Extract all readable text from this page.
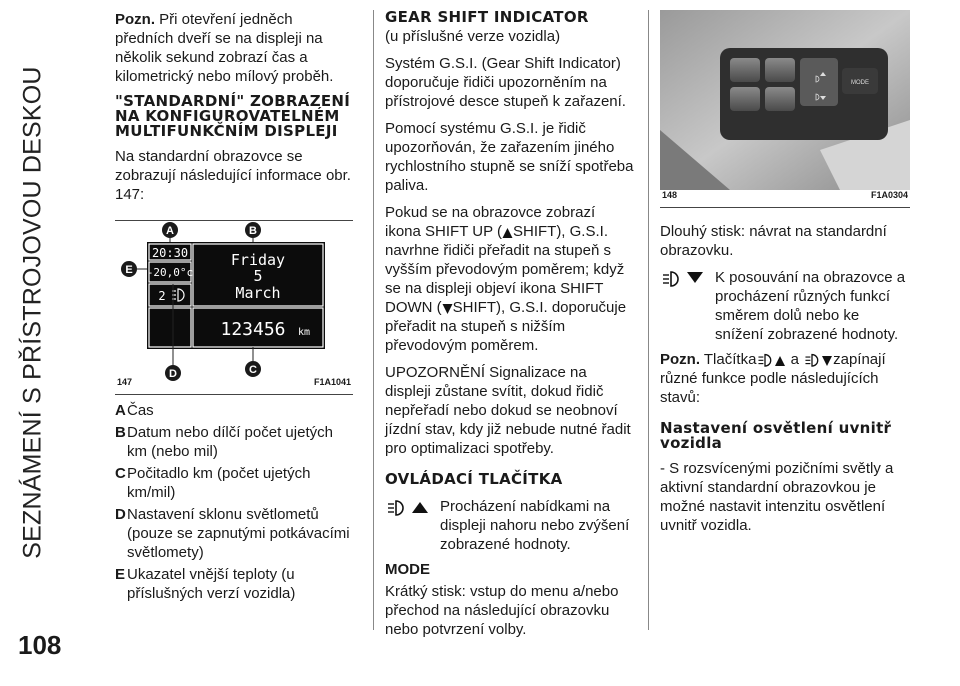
SEZNÁMENÍ S PŘÍSTROJOVOU DESKOU
108

Pozn. Při otevření jedněch předních dveří se na displeji na několik sekund zobrazí čas a kilometrický nebo mílový proběh.

"STANDARDNÍ" ZOBRAZENÍ NA KONFIGUROVATELNÉM MULTIFUNKČNÍM DISPLEJI

Na standardní obrazovce se zobrazují následující informace obr. 147:

20:30
-20,0°c
2
Friday
5
March
123456 km
A	B
C
D
E
147	F1A1041
A Čas
B Datum nebo dílčí počet ujetých km (nebo mil)
C Počitadlo km (počet ujetých km/mil)
D Nastavení sklonu světlometů (pouze se zapnutými potkávacími světlomety)
E Ukazatel vnější teploty (u příslušných verzí vozidla)
GEAR SHIFT INDICATOR

(u příslušné verze vozidla)

Systém G.S.I. (Gear Shift Indicator) doporučuje řidiči upozorněním na přístrojové desce stupeň k zařazení.

Pomocí systému G.S.I. je řidič upozorňován, že zařazením jiného rychlostního stupně se sníží spotřeba paliva.

Pokud se na obrazovce zobrazí ikona SHIFT UP ( SHIFT), G.S.I. navrhne řidiči přeřadit na stupeň s vyšším převodovým poměrem; když se na displeji objeví ikona SHIFT DOWN ( SHIFT), G.S.I. doporučuje přeřadit na stupeň s nižším převodovým poměrem.

UPOZORNĚNÍ Signalizace na displeji zůstane svítit, dokud řidič nepřeřadí nebo dokud se neobnoví jízdní stav, kdy již nebude nutné řadit pro optimalizaci spotřeby.

OVLÁDACÍ TLAČÍTKA
Procházení nabídkami na displeji nahoru nebo zvýšení zobrazené hodnoty.

MODE

Krátký stisk: vstup do menu a/nebo přechod na následující obrazovku nebo potvrzení volby.

MODE
148	F1A0304

Dlouhý stisk: návrat na standardní obrazovku.

K posouvání na obrazovce a procházení různých funkcí směrem dolů nebo ke snížení zobrazené hodnoty.

Pozn. Tlačítka a zapínají různé funkce podle následujících stavů:

Nastavení osvětlení uvnitř vozidla

- S rozsvícenými pozičními světly a aktivní standardní obrazovkou je možné nastavit intenzitu osvětlení uvnitř vozidla.
